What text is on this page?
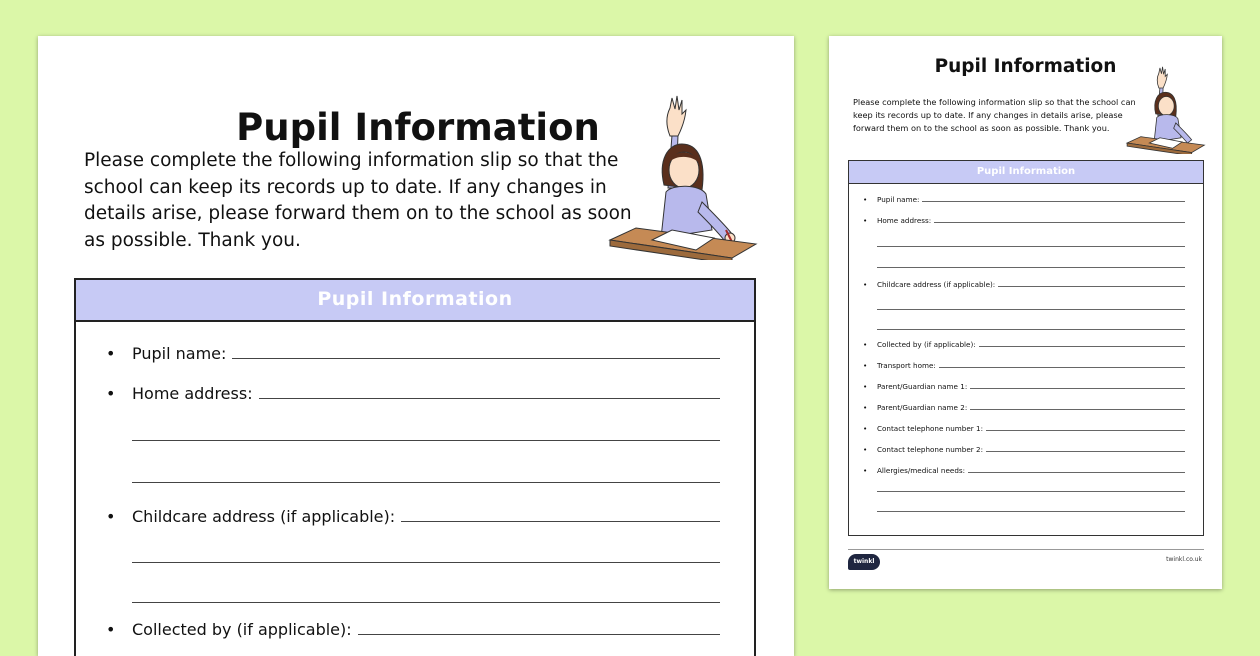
Pupil Information

Please complete the following information slip so that the school can keep its records up to date. If any changes in details arise, please forward them on to the school as soon as possible. Thank you.

Pupil Information
•	Pupil name:
•	Home address:
•	Childcare address (if applicable):
•	Collected by (if applicable):
Pupil Information

Please complete the following information slip so that the school can keep its records up to date. If any changes in details arise, please forward them on to the school as soon as possible. Thank you.

Pupil Information
•	Pupil name:
•	Home address:
•	Childcare address (if applicable):
•	Collected by (if applicable):
•	Transport home:
•	Parent/Guardian name 1:
•	Parent/Guardian name 2:
•	Contact telephone number 1:
•	Contact telephone number 2:
•	Allergies/medical needs:
twinkl	twinkl.co.uk
